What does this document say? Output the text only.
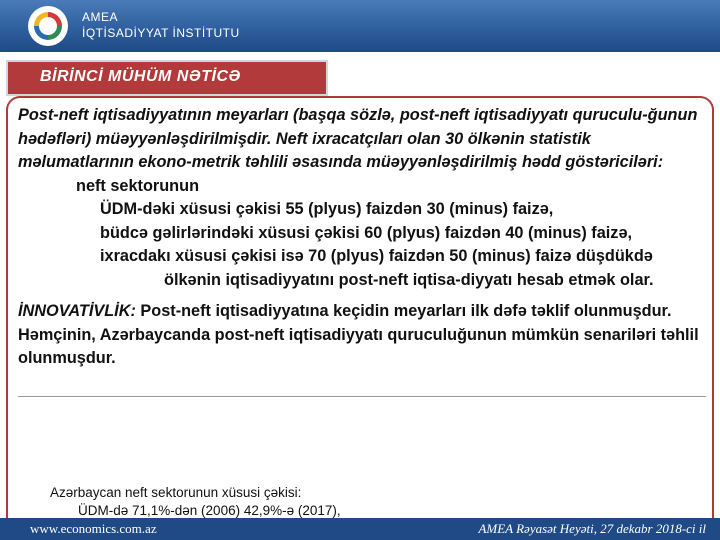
AMEA
İQTİSADİYYAT İNSTİTUTU
BİRİNCİ MÜHÜM NƏTİCƏ
Post-neft iqtisadiyyatının meyarları (başqa sözlə, post-neft iqtisadiyyatı quruculu-ğunun hədəfləri) müəyyənləşdirilmişdir. Neft ixracatçıları olan 30 ölkənin statistik məlumatlarının ekono-metrik təhlili əsasında müəyyənləşdirilmiş hədd göstəriciləri:
neft sektorunun
ÜDM-dəki xüsusi çəkisi 55 (plyus) faizdən 30 (minus) faizə,
büdcə gəlirlərindəki xüsusi çəkisi 60 (plyus) faizdən 40 (minus) faizə,
ixracdakı xüsusi çəkisi isə 70 (plyus) faizdən 50 (minus) faizə düşdükdə
ölkənin iqtisadiyyatını post-neft iqtisa-diyyatı hesab etmək olar.
İNNOVATİVLİK: Post-neft iqtisadiyyatına keçidin meyarları ilk dəfə təklif olunmuşdur. Həmçinin, Azərbaycanda post-neft iqtisadiyyatı quruculuğunun mümkün senariləri təhlil olunmuşdur.
Azərbaycan neft sektorunun xüsusi çəkisi:
ÜDM-də 71,1%-dən (2006) 42,9%-ə (2017),
www.economics.com.az	AMEA Rəyasət Heyəti, 27 dekabr 2018-ci il
